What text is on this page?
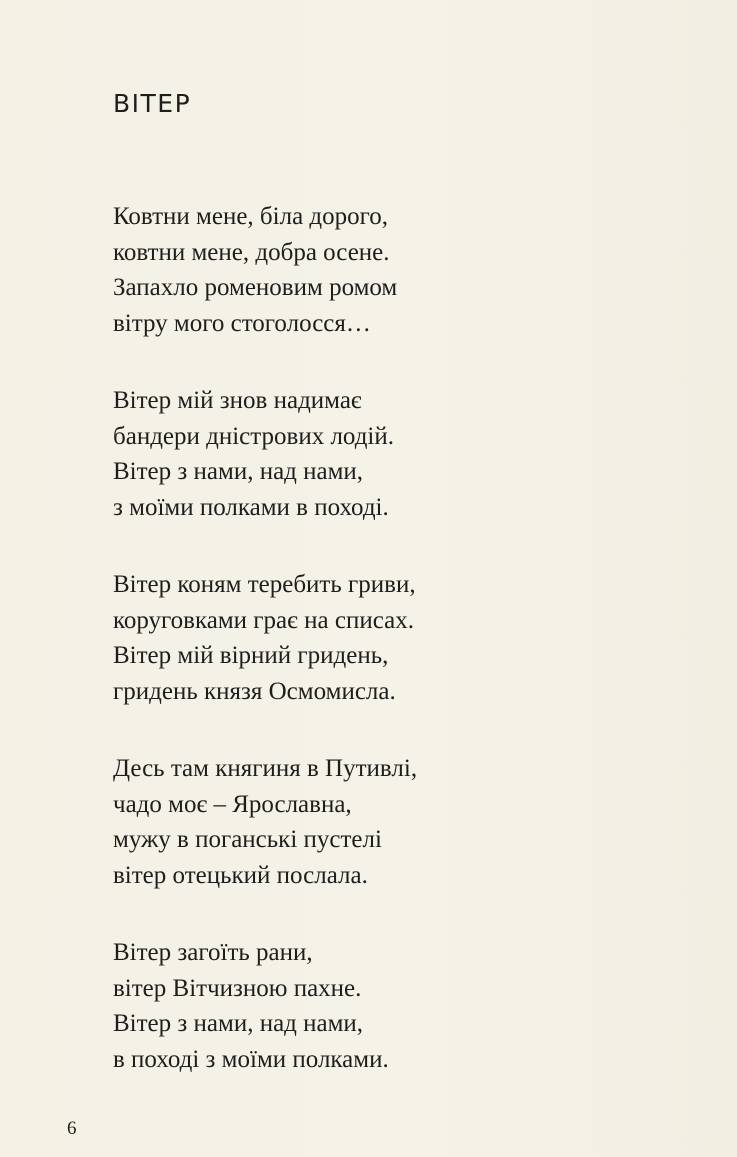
ВІТЕР
Ковтни мене, біла дорого,
ковтни мене, добра осене.
Запахло роменовим ромом
вітру мого стоголосся…
Вітер мій знов надимає
бандери дністрових лодій.
Вітер з нами, над нами,
з моїми полками в поході.
Вітер коням теребить гриви,
коруговками грає на списах.
Вітер мій вірний гридень,
гридень князя Осмомисла.
Десь там княгиня в Путивлі,
чадо моє – Ярославна,
мужу в поганські пустелі
вітер отецький послала.
Вітер загоїть рани,
вітер Вітчизною пахне.
Вітер з нами, над нами,
в поході з моїми полками.
6
